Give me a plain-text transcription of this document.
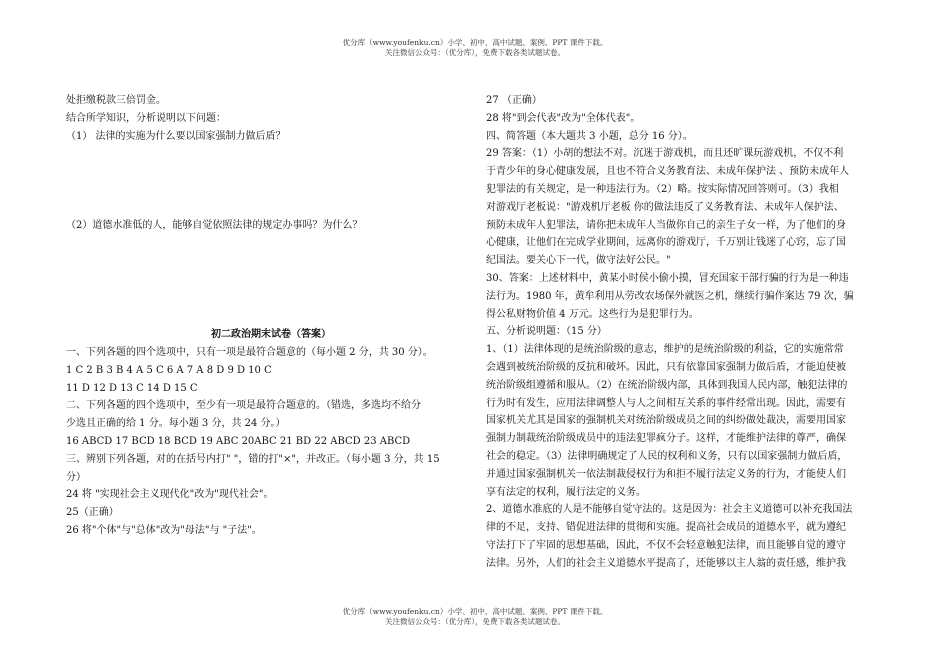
优分库（www.youfenku.cn）小学、初中、高中试题、案例、PPT 课件下载。
关注微信公众号：（优分库），免费下载各类试题试卷。

处拒缴税款三倍罚金。

结合所学知识，分析说明以下问题：

（1） 法律的实施为什么要以国家强制力做后盾？

（2）道德水准低的人，能够自觉依照法律的规定办事吗？为什么？

初二政治期末试卷（答案）

一、下列各题的四个选项中，只有一项是最符合题意的（每小题 2 分，共 30 分）。

1 C 2 B 3 B 4 A 5 C 6 A 7 A 8 D 9 D 10 C

11 D 12 D 13 C 14 D 15 C

二、下列各题的四个选项中，至少有一项是最符合题意的。（错选，多选均不给分

少选且正确的给 1 分。每小题 3 分，共 24 分。）

16 ABCD 17 BCD 18 BCD 19 ABC 20ABC 21 BD 22 ABCD 23 ABCD

三、辨别下列各题，对的在括号内打" "，错的打"×"，并改正。（每小题 3 分，共 15

分）

24 将 "实现社会主义现代化"改为"现代社会"。

25（正确）

26 将"个体"与"总体"改为"母法"与 "子法"。

27 （正确）

28 将"到会代表"改为"全体代表"。

四、简答题（本大题共 3 小题，总分 16 分）。

29 答案：（1）小胡的想法不对。沉迷于游戏机，而且还旷课玩游戏机，不仅不利

于青少年的身心健康发展，且也不符合义务教育法、未成年保护法 、预防未成年人

犯罪法的有关规定，是一种违法行为。（2）略。按实际情况回答则可。（3）我相

对游戏厅老板说："游戏机厅老板 你的做法违反了义务教育法、未成年人保护法、

预防未成年人犯罪法，请你把未成年人当做你自己的亲生子女一样，为了他们的身

心健康，让他们在完成学业期间，远离你的游戏厅，千万别让钱迷了心窍，忘了国

纪国法。要关心下一代，做守法好公民。"

30、答案：上述材料中，黄某小时侯小偷小摸，冒充国家干部行骗的行为是一种违

法行为。1980 年，黄牟利用从劳改农场保外就医之机，继续行骗作案达 79 次，骗

得公私财物价值 4 万元。这些行为是犯罪行为。

五、分析说明题：（15 分）

1、（1）法律体现的是统治阶级的意志，维护的是统治阶级的利益，它的实施常常

会遇到被统治阶级的反抗和破坏。因此，只有依靠国家强制力做后盾，才能迫使被

统治阶级组遵循和服从。（2）在统治阶级内部，具体到我国人民内部，触犯法律的

行为时有发生，应用法律调整人与人之间相互关系的事件经常出现。因此，需要有

国家机关尤其是国家的强制机关对统治阶级成员之间的纠纷做处裁决，需要用国家

强制力制裁统治阶级成员中的违法犯罪疯分子。这样，才能维护法律的尊严，确保

社会的稳定。（3）法律明确规定了人民的权利和义务，只有以国家强制力做后盾，

并通过国家强制机关一依法制裁侵权行为和拒不履行法定义务的行为，才能使人们

享有法定的权利，履行法定的义务。

2、道德水准底的人是不能够自觉守法的。这是因为：社会主义道德可以补充我国法

律的不足，支持、错促进法律的贯彻和实施。提高社会成员的道德水平，就为遵纪

守法打下了牢固的思想基础，因此，不仅不会轻意触犯法律，而且能够自觉的遵守

法律。另外，人们的社会主义道德水平提高了，还能够以主人翁的责任感，维护我

优分库（www.youfenku.cn）小学、初中、高中试题、案例、PPT 课件下载。
关注微信公众号：（优分库），免费下载各类试题试卷。
